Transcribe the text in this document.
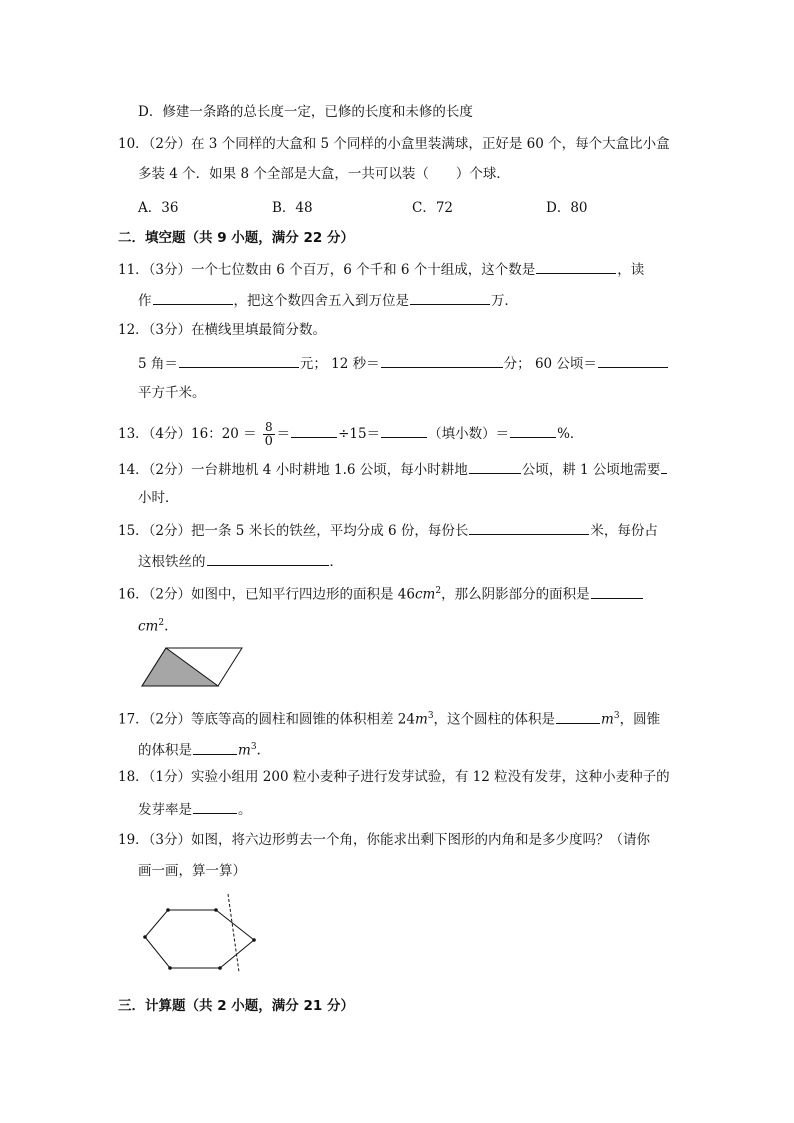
D．修建一条路的总长度一定，已修的长度和未修的长度
10．（2分）在 3 个同样的大盒和 5 个同样的小盒里装满球，正好是 60 个，每个大盒比小盒
多装 4 个．如果 8 个全部是大盒，一共可以装（　　）个球．
A．36	B．48	C．72	D．80
二．填空题（共 9 小题，满分 22 分）
11．（3分）一个七位数由 6 个百万，6 个千和 6 个十组成，这个数是	，读
作	，把这个数四舍五入到万位是	万．
12．（3分）在横线里填最简分数。
5 角＝	元； 12 秒＝	分； 60 公顷＝
平方千米。
13．（4分）16：$20 = \frac{8}{0}$ ＝	÷15＝	（填小数）＝	%．
14．（2分）一台耕地机 4 小时耕地 1.6 公顷，每小时耕地	公顷，耕 1 公顷地需要
小时．
15．（2分）把一条 5 米长的铁丝，平均分成 6 份，每份长	米，每份占
这根铁丝的	．
16．（2分）如图中，已知平行四边形的面积是 $46cm^2$，那么阴影部分的面积是
$cm^2$.
17．（2分）等底等高的圆柱和圆锥的体积相差 $24m^3$，这个圆柱的体积是	$m^3$，圆锥
的体积是	$m^3$.
18．（1分）实验小组用 200 粒小麦种子进行发芽试验，有 12 粒没有发芽，这种小麦种子的
发芽率是	。
19．（3分）如图，将六边形剪去一个角，你能求出剩下图形的内角和是多少度吗？（请你
画一画，算一算）
三．计算题（共 2 小题，满分 21 分）
